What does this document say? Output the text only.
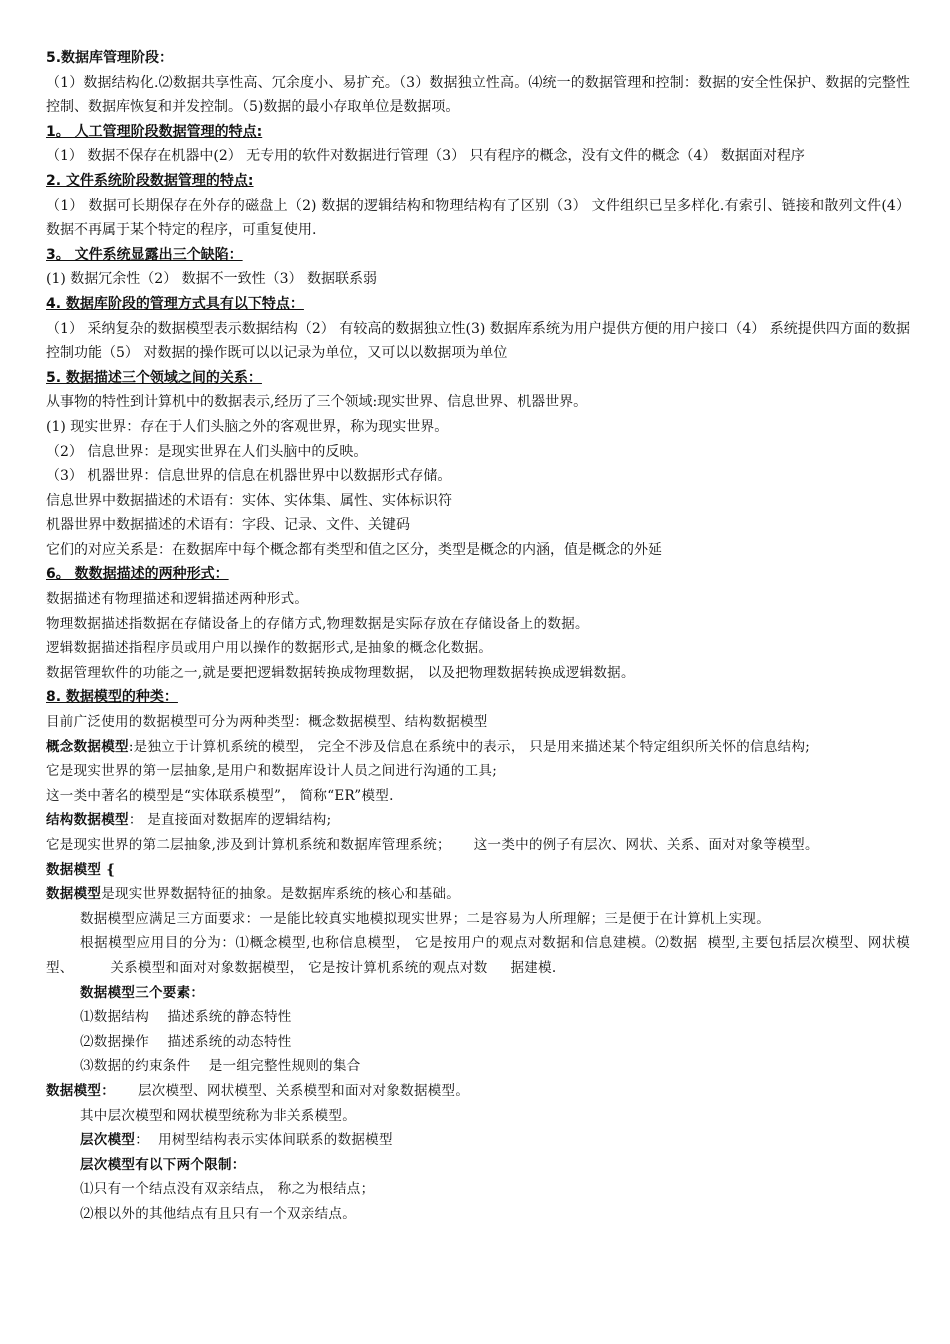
5.数据库管理阶段：
（1）数据结构化.⑵数据共享性高、冗余度小、易扩充。（3）数据独立性高。⑷统一的数据管理和控制：数据的安全性保护、数据的完整性控制、数据库恢复和并发控制。（5)数据的最小存取单位是数据项。
1。 人工管理阶段数据管理的特点:
（1） 数据不保存在机器中(2） 无专用的软件对数据进行管理（3） 只有程序的概念，没有文件的概念（4） 数据面对程序
2. 文件系统阶段数据管理的特点:
（1） 数据可长期保存在外存的磁盘上（2) 数据的逻辑结构和物理结构有了区别（3） 文件组织已呈多样化.有索引、链接和散列文件(4） 数据不再属于某个特定的程序，可重复使用.
3。 文件系统显露出三个缺陷：
(1) 数据冗余性（2） 数据不一致性（3） 数据联系弱
4. 数据库阶段的管理方式具有以下特点：
（1） 采纳复杂的数据模型表示数据结构（2） 有较高的数据独立性(3) 数据库系统为用户提供方便的用户接口（4） 系统提供四方面的数据控制功能（5） 对数据的操作既可以以记录为单位，又可以以数据项为单位
5. 数据描述三个领域之间的关系：
从事物的特性到计算机中的数据表示,经历了三个领域:现实世界、信息世界、机器世界。
(1) 现实世界：存在于人们头脑之外的客观世界，称为现实世界。
（2） 信息世界：是现实世界在人们头脑中的反映。
（3） 机器世界：信息世界的信息在机器世界中以数据形式存储。
信息世界中数据描述的术语有：实体、实体集、属性、实体标识符
机器世界中数据描述的术语有：字段、记录、文件、关键码
它们的对应关系是：在数据库中每个概念都有类型和值之区分，类型是概念的内涵，值是概念的外延
6。 数数据描述的两种形式：
数据描述有物理描述和逻辑描述两种形式。
物理数据描述指数据在存储设备上的存储方式,物理数据是实际存放在存储设备上的数据。
逻辑数据描述指程序员或用户用以操作的数据形式,是抽象的概念化数据。
数据管理软件的功能之一,就是要把逻辑数据转换成物理数据， 以及把物理数据转换成逻辑数据。
8. 数据模型的种类：
目前广泛使用的数据模型可分为两种类型：概念数据模型、结构数据模型
概念数据模型:是独立于计算机系统的模型， 完全不涉及信息在系统中的表示， 只是用来描述某个特定组织所关怀的信息结构;
它是现实世界的第一层抽象,是用户和数据库设计人员之间进行沟通的工具;
这一类中著名的模型是“实体联系模型”， 简称“ER”模型.
结构数据模型： 是直接面对数据库的逻辑结构;
它是现实世界的第二层抽象,涉及到计算机系统和数据库管理系统；     这一类中的例子有层次、网状、关系、面对对象等模型。
数据模型 {
数据模型是现实世界数据特征的抽象。是数据库系统的核心和基础。
数据模型应满足三方面要求：一是能比较真实地模拟现实世界；二是容易为人所理解；三是便于在计算机上实现。
根据模型应用目的分为：⑴概念模型,也称信息模型， 它是按用户的观点对数据和信息建模。⑵数据  模型,主要包括层次模型、网状模型、        关系模型和面对对象数据模型， 它是按计算机系统的观点对数     据建模.
数据模型三个要素：
⑴数据结构    描述系统的静态特性
⑵数据操作    描述系统的动态特性
⑶数据的约束条件    是一组完整性规则的集合
数据模型：     层次模型、网状模型、关系模型和面对对象数据模型。
其中层次模型和网状模型统称为非关系模型。
层次模型：  用树型结构表示实体间联系的数据模型
层次模型有以下两个限制：
⑴只有一个结点没有双亲结点， 称之为根结点；
⑵根以外的其他结点有且只有一个双亲结点。
